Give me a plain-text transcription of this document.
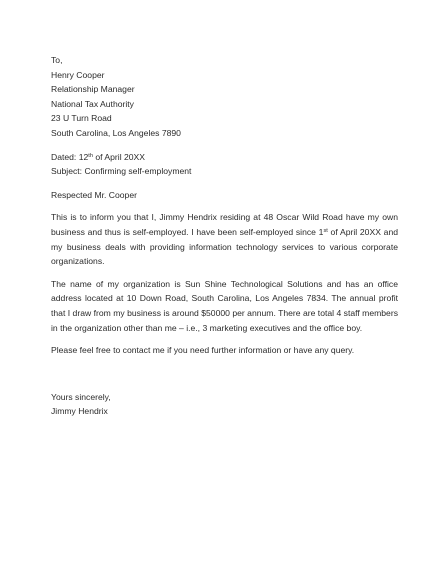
To,
Henry Cooper
Relationship Manager
National Tax Authority
23 U Turn Road
South Carolina, Los Angeles 7890
Dated: 12th of April 20XX
Subject: Confirming self-employment
Respected Mr. Cooper

This is to inform you that I, Jimmy Hendrix residing at 48 Oscar Wild Road have my own business and thus is self-employed. I have been self-employed since 1st of April 20XX and my business deals with providing information technology services to various corporate organizations.

The name of my organization is Sun Shine Technological Solutions and has an office address located at 10 Down Road, South Carolina, Los Angeles 7834. The annual profit that I draw from my business is around $50000 per annum. There are total 4 staff members in the organization other than me – i.e., 3 marketing executives and the office boy.

Please feel free to contact me if you need further information or have any query.

Yours sincerely,
Jimmy Hendrix
